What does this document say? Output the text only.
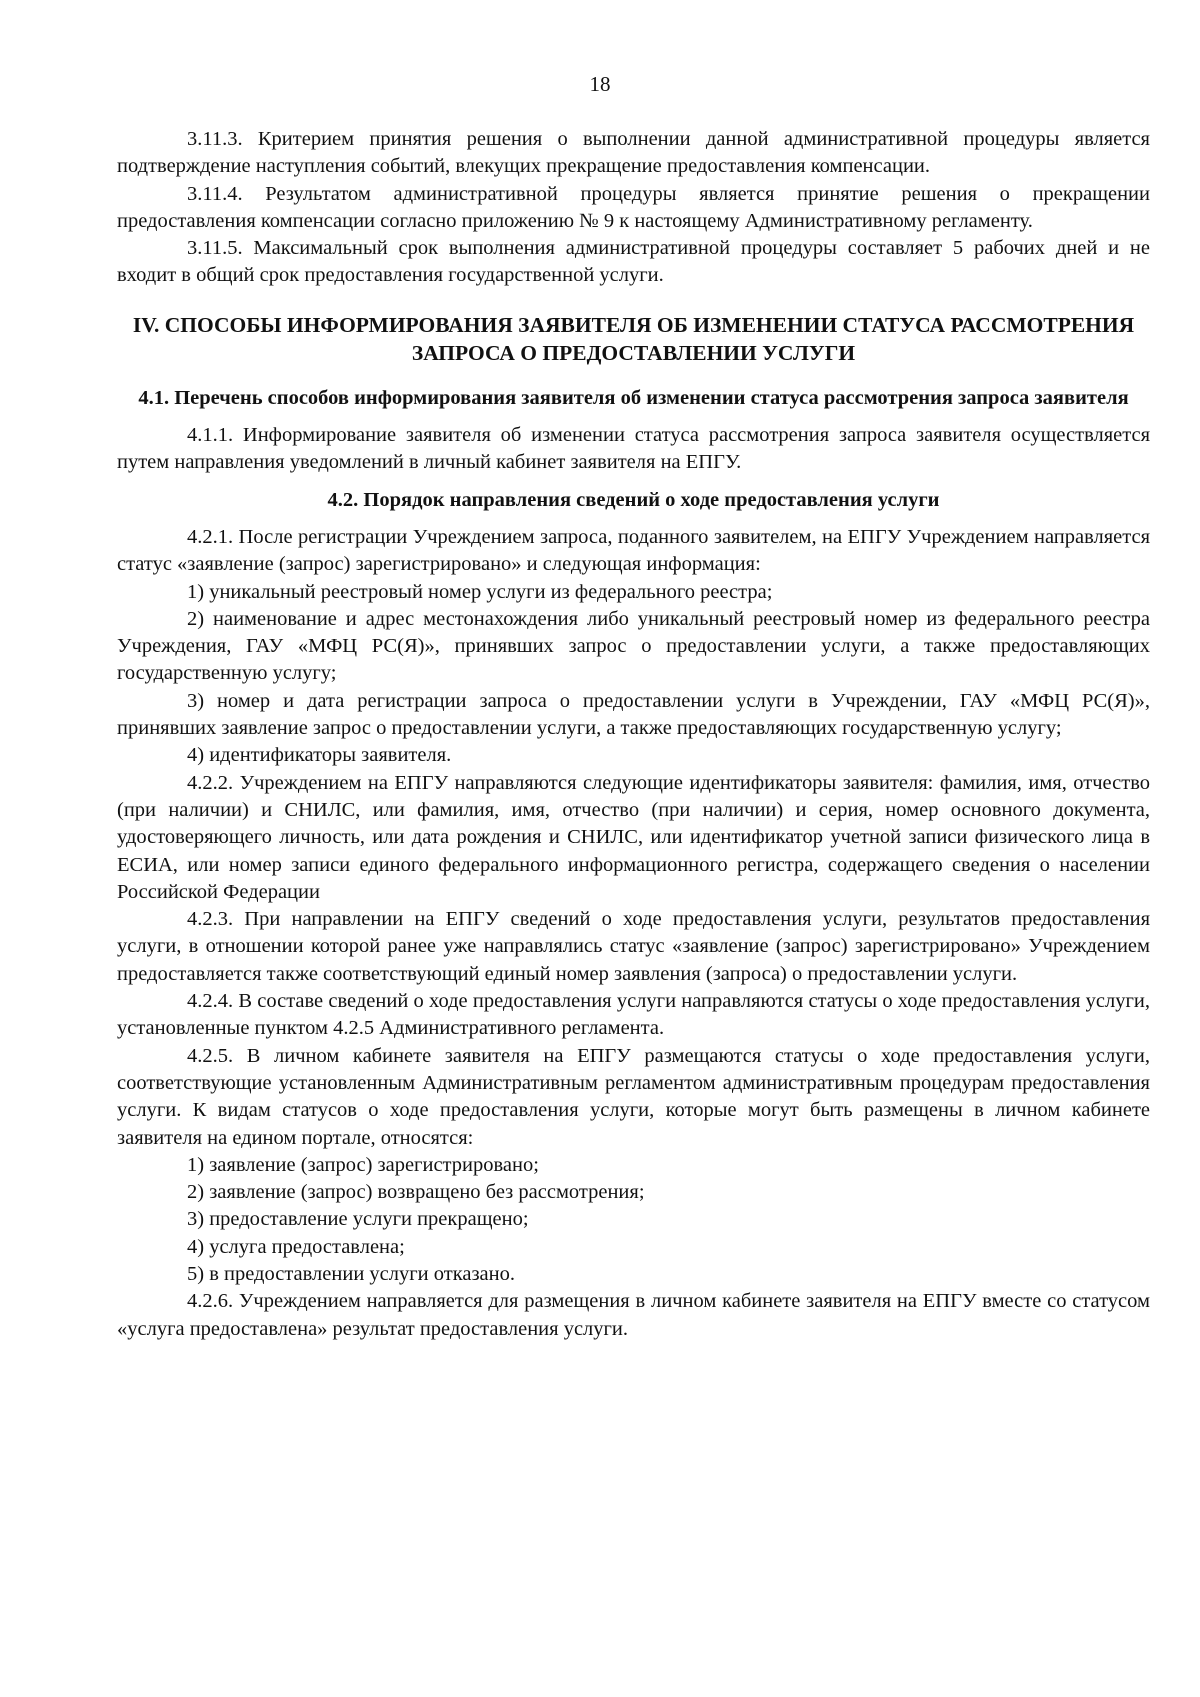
18

3.11.3. Критерием принятия решения о выполнении данной административной процедуры является подтверждение наступления событий, влекущих прекращение предоставления компенсации.

3.11.4. Результатом административной процедуры является принятие решения о прекращении предоставления компенсации согласно приложению № 9 к настоящему Административному регламенту.

3.11.5. Максимальный срок выполнения административной процедуры составляет 5 рабочих дней и не входит в общий срок предоставления государственной услуги.

IV. СПОСОБЫ ИНФОРМИРОВАНИЯ ЗАЯВИТЕЛЯ ОБ ИЗМЕНЕНИИ СТАТУСА РАССМОТРЕНИЯ ЗАПРОСА О ПРЕДОСТАВЛЕНИИ УСЛУГИ

4.1. Перечень способов информирования заявителя об изменении статуса рассмотрения запроса заявителя

4.1.1. Информирование заявителя об изменении статуса рассмотрения запроса заявителя осуществляется путем направления уведомлений в личный кабинет заявителя на ЕПГУ.

4.2. Порядок направления сведений о ходе предоставления услуги

4.2.1. После регистрации Учреждением запроса, поданного заявителем, на ЕПГУ Учреждением направляется статус «заявление (запрос) зарегистрировано» и следующая информация:

1) уникальный реестровый номер услуги из федерального реестра;

2) наименование и адрес местонахождения либо уникальный реестровый номер из федерального реестра Учреждения, ГАУ «МФЦ РС(Я)», принявших запрос о предоставлении услуги, а также предоставляющих государственную услугу;

3) номер и дата регистрации запроса о предоставлении услуги в Учреждении, ГАУ «МФЦ РС(Я)», принявших заявление запрос о предоставлении услуги, а также предоставляющих государственную услугу;

4) идентификаторы заявителя.

4.2.2. Учреждением на ЕПГУ направляются следующие идентификаторы заявителя: фамилия, имя, отчество (при наличии) и СНИЛС, или фамилия, имя, отчество (при наличии) и серия, номер основного документа, удостоверяющего личность, или дата рождения и СНИЛС, или идентификатор учетной записи физического лица в ЕСИА, или номер записи единого федерального информационного регистра, содержащего сведения о населении Российской Федерации

4.2.3. При направлении на ЕПГУ сведений о ходе предоставления услуги, результатов предоставления услуги, в отношении которой ранее уже направлялись статус «заявление (запрос) зарегистрировано» Учреждением предоставляется также соответствующий единый номер заявления (запроса) о предоставлении услуги.

4.2.4. В составе сведений о ходе предоставления услуги направляются статусы о ходе предоставления услуги, установленные пунктом 4.2.5 Административного регламента.

4.2.5. В личном кабинете заявителя на ЕПГУ размещаются статусы о ходе предоставления услуги, соответствующие установленным Административным регламентом административным процедурам предоставления услуги. К видам статусов о ходе предоставления услуги, которые могут быть размещены в личном кабинете заявителя на едином портале, относятся:

1) заявление (запрос) зарегистрировано;

2) заявление (запрос) возвращено без рассмотрения;

3) предоставление услуги прекращено;

4) услуга предоставлена;

5) в предоставлении услуги отказано.

4.2.6. Учреждением направляется для размещения в личном кабинете заявителя на ЕПГУ вместе со статусом «услуга предоставлена» результат предоставления услуги.
